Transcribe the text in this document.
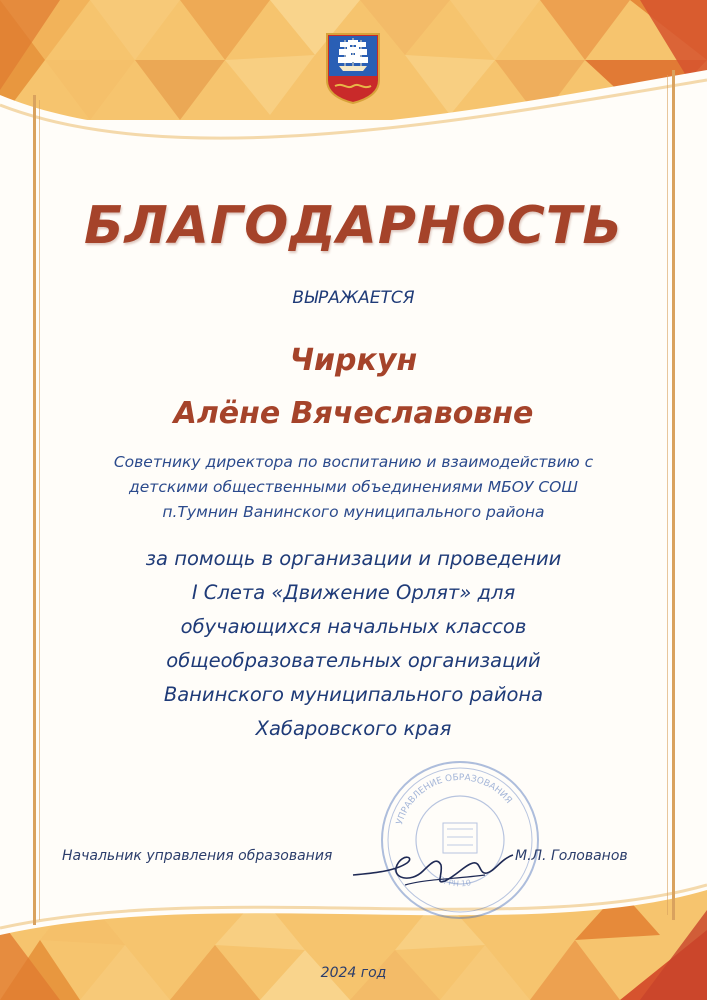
БЛАГОДАРНОСТЬ
ВЫРАЖАЕТСЯ
Чиркун
Алёне Вячеславовне
Советнику директора по воспитанию и взаимодействию с
детскими общественными объединениями МБОУ СОШ
п.Тумнин Ванинского муниципального района
за помощь в организации и проведении
I Слета «Движение Орлят» для
обучающихся начальных классов
общеобразовательных организаций
Ванинского муниципального района
Хабаровского края
УПРАВЛЕНИЕ ОБРАЗОВАНИЯ
ОГРН 10
Начальник управления образования	М.Л. Голованов
2024 год
